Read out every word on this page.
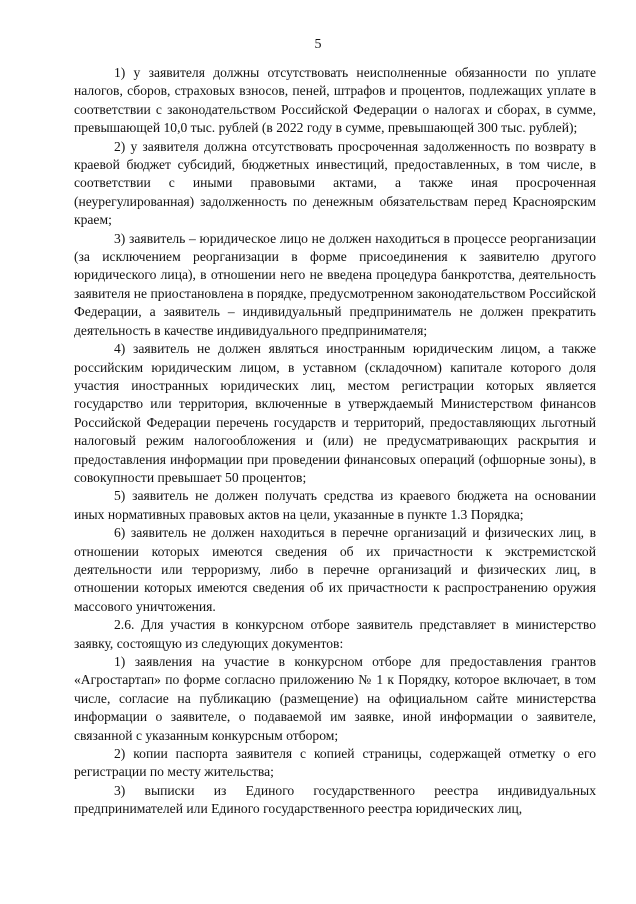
5

1) у заявителя должны отсутствовать неисполненные обязанности по уплате налогов, сборов, страховых взносов, пеней, штрафов и процентов, подлежащих уплате в соответствии с законодательством Российской Федерации о налогах и сборах, в сумме, превышающей 10,0 тыс. рублей (в 2022 году в сумме, превышающей 300 тыс. рублей);

2) у заявителя должна отсутствовать просроченная задолженность по возврату в краевой бюджет субсидий, бюджетных инвестиций, предоставленных, в том числе, в соответствии с иными правовыми актами, а также иная просроченная (неурегулированная) задолженность по денежным обязательствам перед Красноярским краем;

3) заявитель – юридическое лицо не должен находиться в процессе реорганизации (за исключением реорганизации в форме присоединения к заявителю другого юридического лица), в отношении него не введена процедура банкротства, деятельность заявителя не приостановлена в порядке, предусмотренном законодательством Российской Федерации, а заявитель – индивидуальный предприниматель не должен прекратить деятельность в качестве индивидуального предпринимателя;

4) заявитель не должен являться иностранным юридическим лицом, а также российским юридическим лицом, в уставном (складочном) капитале которого доля участия иностранных юридических лиц, местом регистрации которых является государство или территория, включенные в утверждаемый Министерством финансов Российской Федерации перечень государств и территорий, предоставляющих льготный налоговый режим налогообложения и (или) не предусматривающих раскрытия и предоставления информации при проведении финансовых операций (офшорные зоны), в совокупности превышает 50 процентов;

5) заявитель не должен получать средства из краевого бюджета на основании иных нормативных правовых актов на цели, указанные в пункте 1.3 Порядка;

6) заявитель не должен находиться в перечне организаций и физических лиц, в отношении которых имеются сведения об их причастности к экстремистской деятельности или терроризму, либо в перечне организаций и физических лиц, в отношении которых имеются сведения об их причастности к распространению оружия массового уничтожения.

2.6. Для участия в конкурсном отборе заявитель представляет в министерство заявку, состоящую из следующих документов:

1) заявления на участие в конкурсном отборе для предоставления грантов «Агростартап» по форме согласно приложению № 1 к Порядку, которое включает, в том числе, согласие на публикацию (размещение) на официальном сайте министерства информации о заявителе, о подаваемой им заявке, иной информации о заявителе, связанной с указанным конкурсным отбором;

2) копии паспорта заявителя с копией страницы, содержащей отметку о его регистрации по месту жительства;

3) выписки из Единого государственного реестра индивидуальных предпринимателей или Единого государственного реестра юридических лиц,
